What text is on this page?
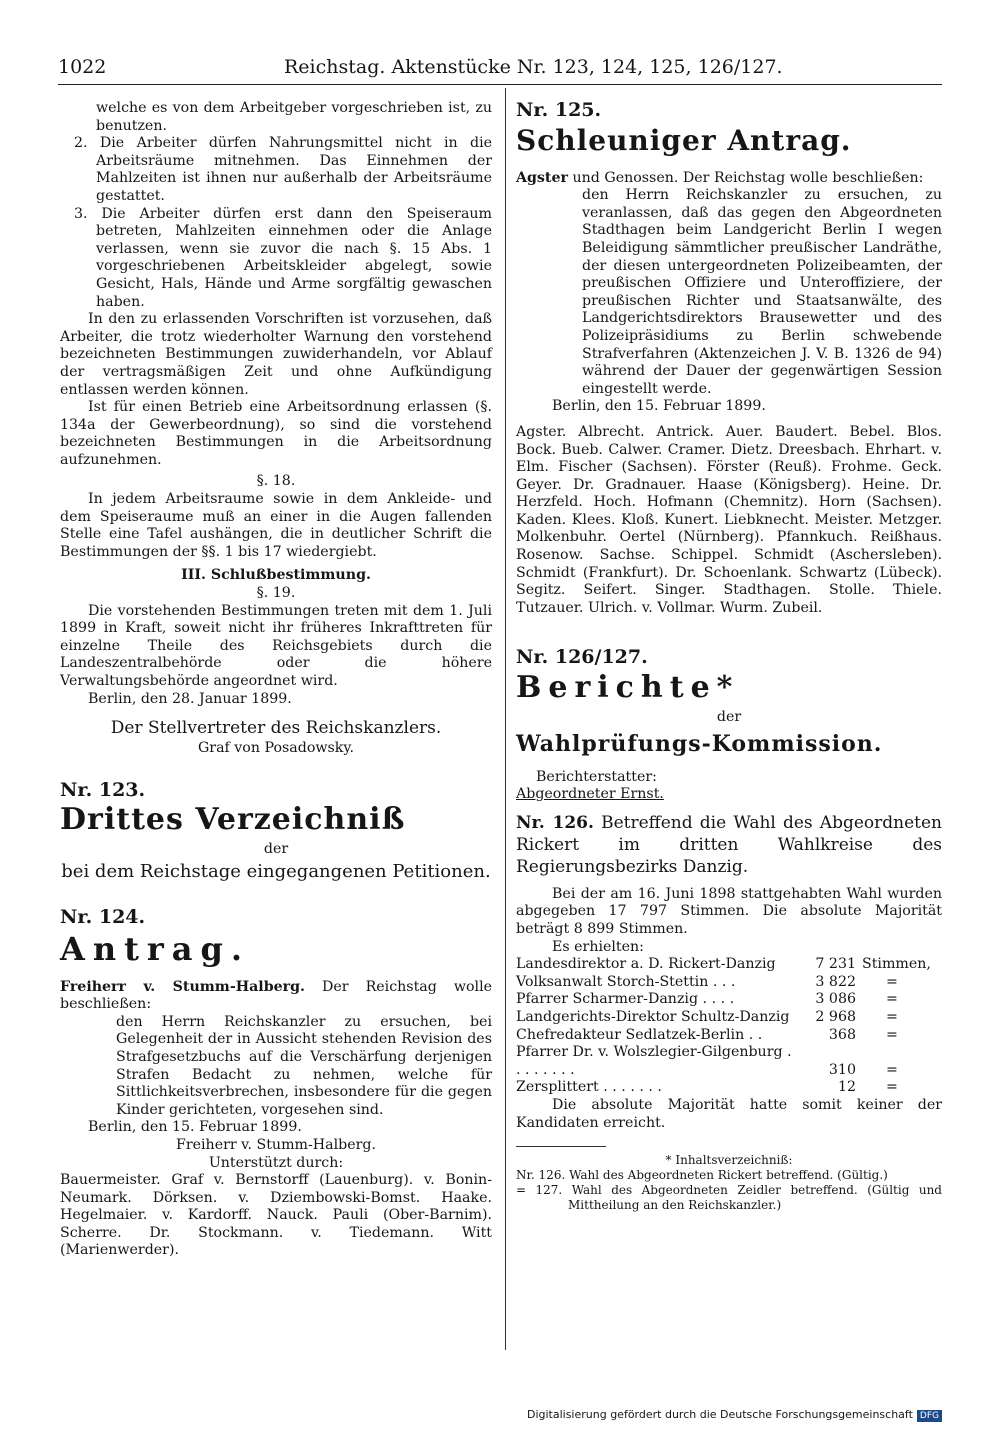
1022	Reichstag. Aktenstücke Nr. 123, 124, 125, 126/127.

welche es von dem Arbeitgeber vorgeschrieben ist, zu benutzen.

2. Die Arbeiter dürfen Nahrungsmittel nicht in die Arbeitsräume mitnehmen. Das Einnehmen der Mahlzeiten ist ihnen nur außerhalb der Arbeitsräume gestattet.

3. Die Arbeiter dürfen erst dann den Speiseraum betreten, Mahlzeiten einnehmen oder die Anlage verlassen, wenn sie zuvor die nach §. 15 Abs. 1 vorgeschriebenen Arbeitskleider abgelegt, sowie Gesicht, Hals, Hände und Arme sorgfältig gewaschen haben.

In den zu erlassenden Vorschriften ist vorzusehen, daß Arbeiter, die trotz wiederholter Warnung den vorstehend bezeichneten Bestimmungen zuwiderhandeln, vor Ablauf der vertragsmäßigen Zeit und ohne Aufkündigung entlassen werden können.

Ist für einen Betrieb eine Arbeitsordnung erlassen (§. 134a der Gewerbeordnung), so sind die vorstehend bezeichneten Bestimmungen in die Arbeitsordnung aufzunehmen.

§. 18.

In jedem Arbeitsraume sowie in dem Ankleide- und dem Speiseraume muß an einer in die Augen fallenden Stelle eine Tafel aushängen, die in deutlicher Schrift die Bestimmungen der §§. 1 bis 17 wiedergiebt.

III. Schlußbestimmung.

§. 19.

Die vorstehenden Bestimmungen treten mit dem 1. Juli 1899 in Kraft, soweit nicht ihr früheres Inkrafttreten für einzelne Theile des Reichsgebiets durch die Landeszentralbehörde oder die höhere Verwaltungsbehörde angeordnet wird.

Berlin, den 28. Januar 1899.

Der Stellvertreter des Reichskanzlers.

Graf von Posadowsky.

Nr. 123.

Drittes Verzeichniß

der

bei dem Reichstage eingegangenen Petitionen.

Nr. 124.

Antrag.

Freiherr v. Stumm-Halberg. Der Reichstag wolle beschließen:

den Herrn Reichskanzler zu ersuchen, bei Gelegenheit der in Aussicht stehenden Revision des Strafgesetzbuchs auf die Verschärfung derjenigen Strafen Bedacht zu nehmen, welche für Sittlichkeitsverbrechen, insbesondere für die gegen Kinder gerichteten, vorgesehen sind.

Berlin, den 15. Februar 1899.

Freiherr v. Stumm-Halberg.

Unterstützt durch:

Bauermeister. Graf v. Bernstorff (Lauenburg). v. Bonin-Neumark. Dörksen. v. Dziembowski-Bomst. Haake. Hegelmaier. v. Kardorff. Nauck. Pauli (Ober-Barnim). Scherre. Dr. Stockmann. v. Tiedemann. Witt (Marienwerder).

Nr. 125.

Schleuniger Antrag.

Agster und Genossen. Der Reichstag wolle beschließen:

den Herrn Reichskanzler zu ersuchen, zu veranlassen, daß das gegen den Abgeordneten Stadthagen beim Landgericht Berlin I wegen Beleidigung sämmtlicher preußischer Landräthe, der diesen untergeordneten Polizeibeamten, der preußischen Offiziere und Unteroffiziere, der preußischen Richter und Staatsanwälte, des Landgerichtsdirektors Brausewetter und des Polizeipräsidiums zu Berlin schwebende Strafverfahren (Aktenzeichen J. V. B. 1326 de 94) während der Dauer der gegenwärtigen Session eingestellt werde.

Berlin, den 15. Februar 1899.

Agster. Albrecht. Antrick. Auer. Baudert. Bebel. Blos. Bock. Bueb. Calwer. Cramer. Dietz. Dreesbach. Ehrhart. v. Elm. Fischer (Sachsen). Förster (Reuß). Frohme. Geck. Geyer. Dr. Gradnauer. Haase (Königsberg). Heine. Dr. Herzfeld. Hoch. Hofmann (Chemnitz). Horn (Sachsen). Kaden. Klees. Kloß. Kunert. Liebknecht. Meister. Metzger. Molkenbuhr. Oertel (Nürnberg). Pfannkuch. Reißhaus. Rosenow. Sachse. Schippel. Schmidt (Aschersleben). Schmidt (Frankfurt). Dr. Schoenlank. Schwartz (Lübeck). Segitz. Seifert. Singer. Stadthagen. Stolle. Thiele. Tutzauer. Ulrich. v. Vollmar. Wurm. Zubeil.

Nr. 126/127.

Berichte*

der

Wahlprüfungs-Kommission.

Berichterstatter:

Abgeordneter Ernst.

Nr. 126. Betreffend die Wahl des Abgeordneten Rickert im dritten Wahlkreise des Regierungsbezirks Danzig.

Bei der am 16. Juni 1898 stattgehabten Wahl wurden abgegeben 17 797 Stimmen. Die absolute Majorität beträgt 8 899 Stimmen.

Es erhielten:

Landesdirektor a. D. Rickert-Danzig	7 231	Stimmen,
Volksanwalt Storch-Stettin . . .	3 822	=
Pfarrer Scharmer-Danzig . . . .	3 086	=
Landgerichts-Direktor Schultz-Danzig	2 968	=
Chefredakteur Sedlatzek-Berlin . .	368	=
Pfarrer Dr. v. Wolszlegier-Gilgenburg . . . . . . . .	310	=
Zersplittert . . . . . . .	12	=

Die absolute Majorität hatte somit keiner der Kandidaten erreicht.

* Inhaltsverzeichniß:

Nr. 126. Wahl des Abgeordneten Rickert betreffend. (Gültig.)

= 127. Wahl des Abgeordneten Zeidler betreffend. (Gültig und Mittheilung an den Reichskanzler.)

Digitalisierung gefördert durch die Deutsche Forschungsgemeinschaft DFG
